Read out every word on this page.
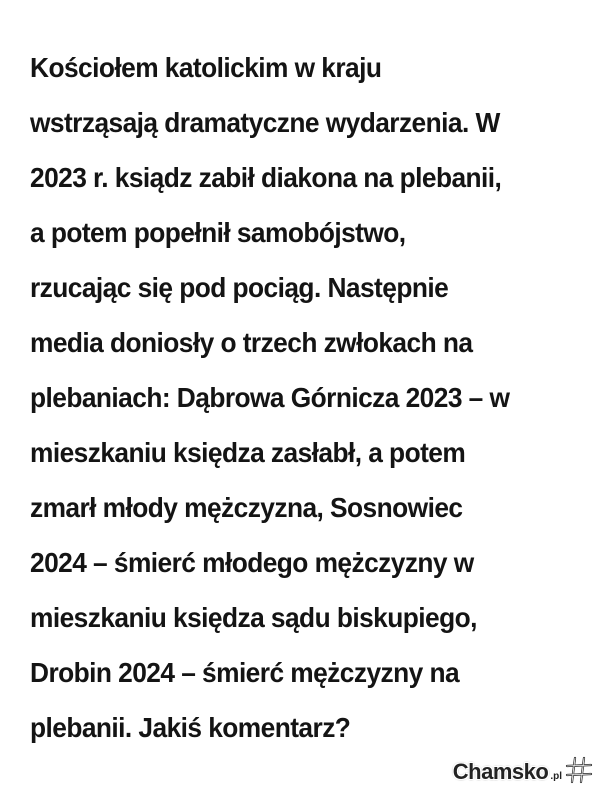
Kościołem katolickim w kraju
wstrząsają dramatyczne wydarzenia. W
2023 r. ksiądz zabił diakona na plebanii,
a potem popełnił samobójstwo,
rzucając się pod pociąg. Następnie
media doniosły o trzech zwłokach na
plebaniach: Dąbrowa Górnicza 2023 – w
mieszkaniu księdza zasłabł, a potem
zmarł młody mężczyzna, Sosnowiec
2024 – śmierć młodego mężczyzny w
mieszkaniu księdza sądu biskupiego,
Drobin 2024 – śmierć mężczyzny na
plebanii. Jakiś komentarz?
Chamsko .pl
